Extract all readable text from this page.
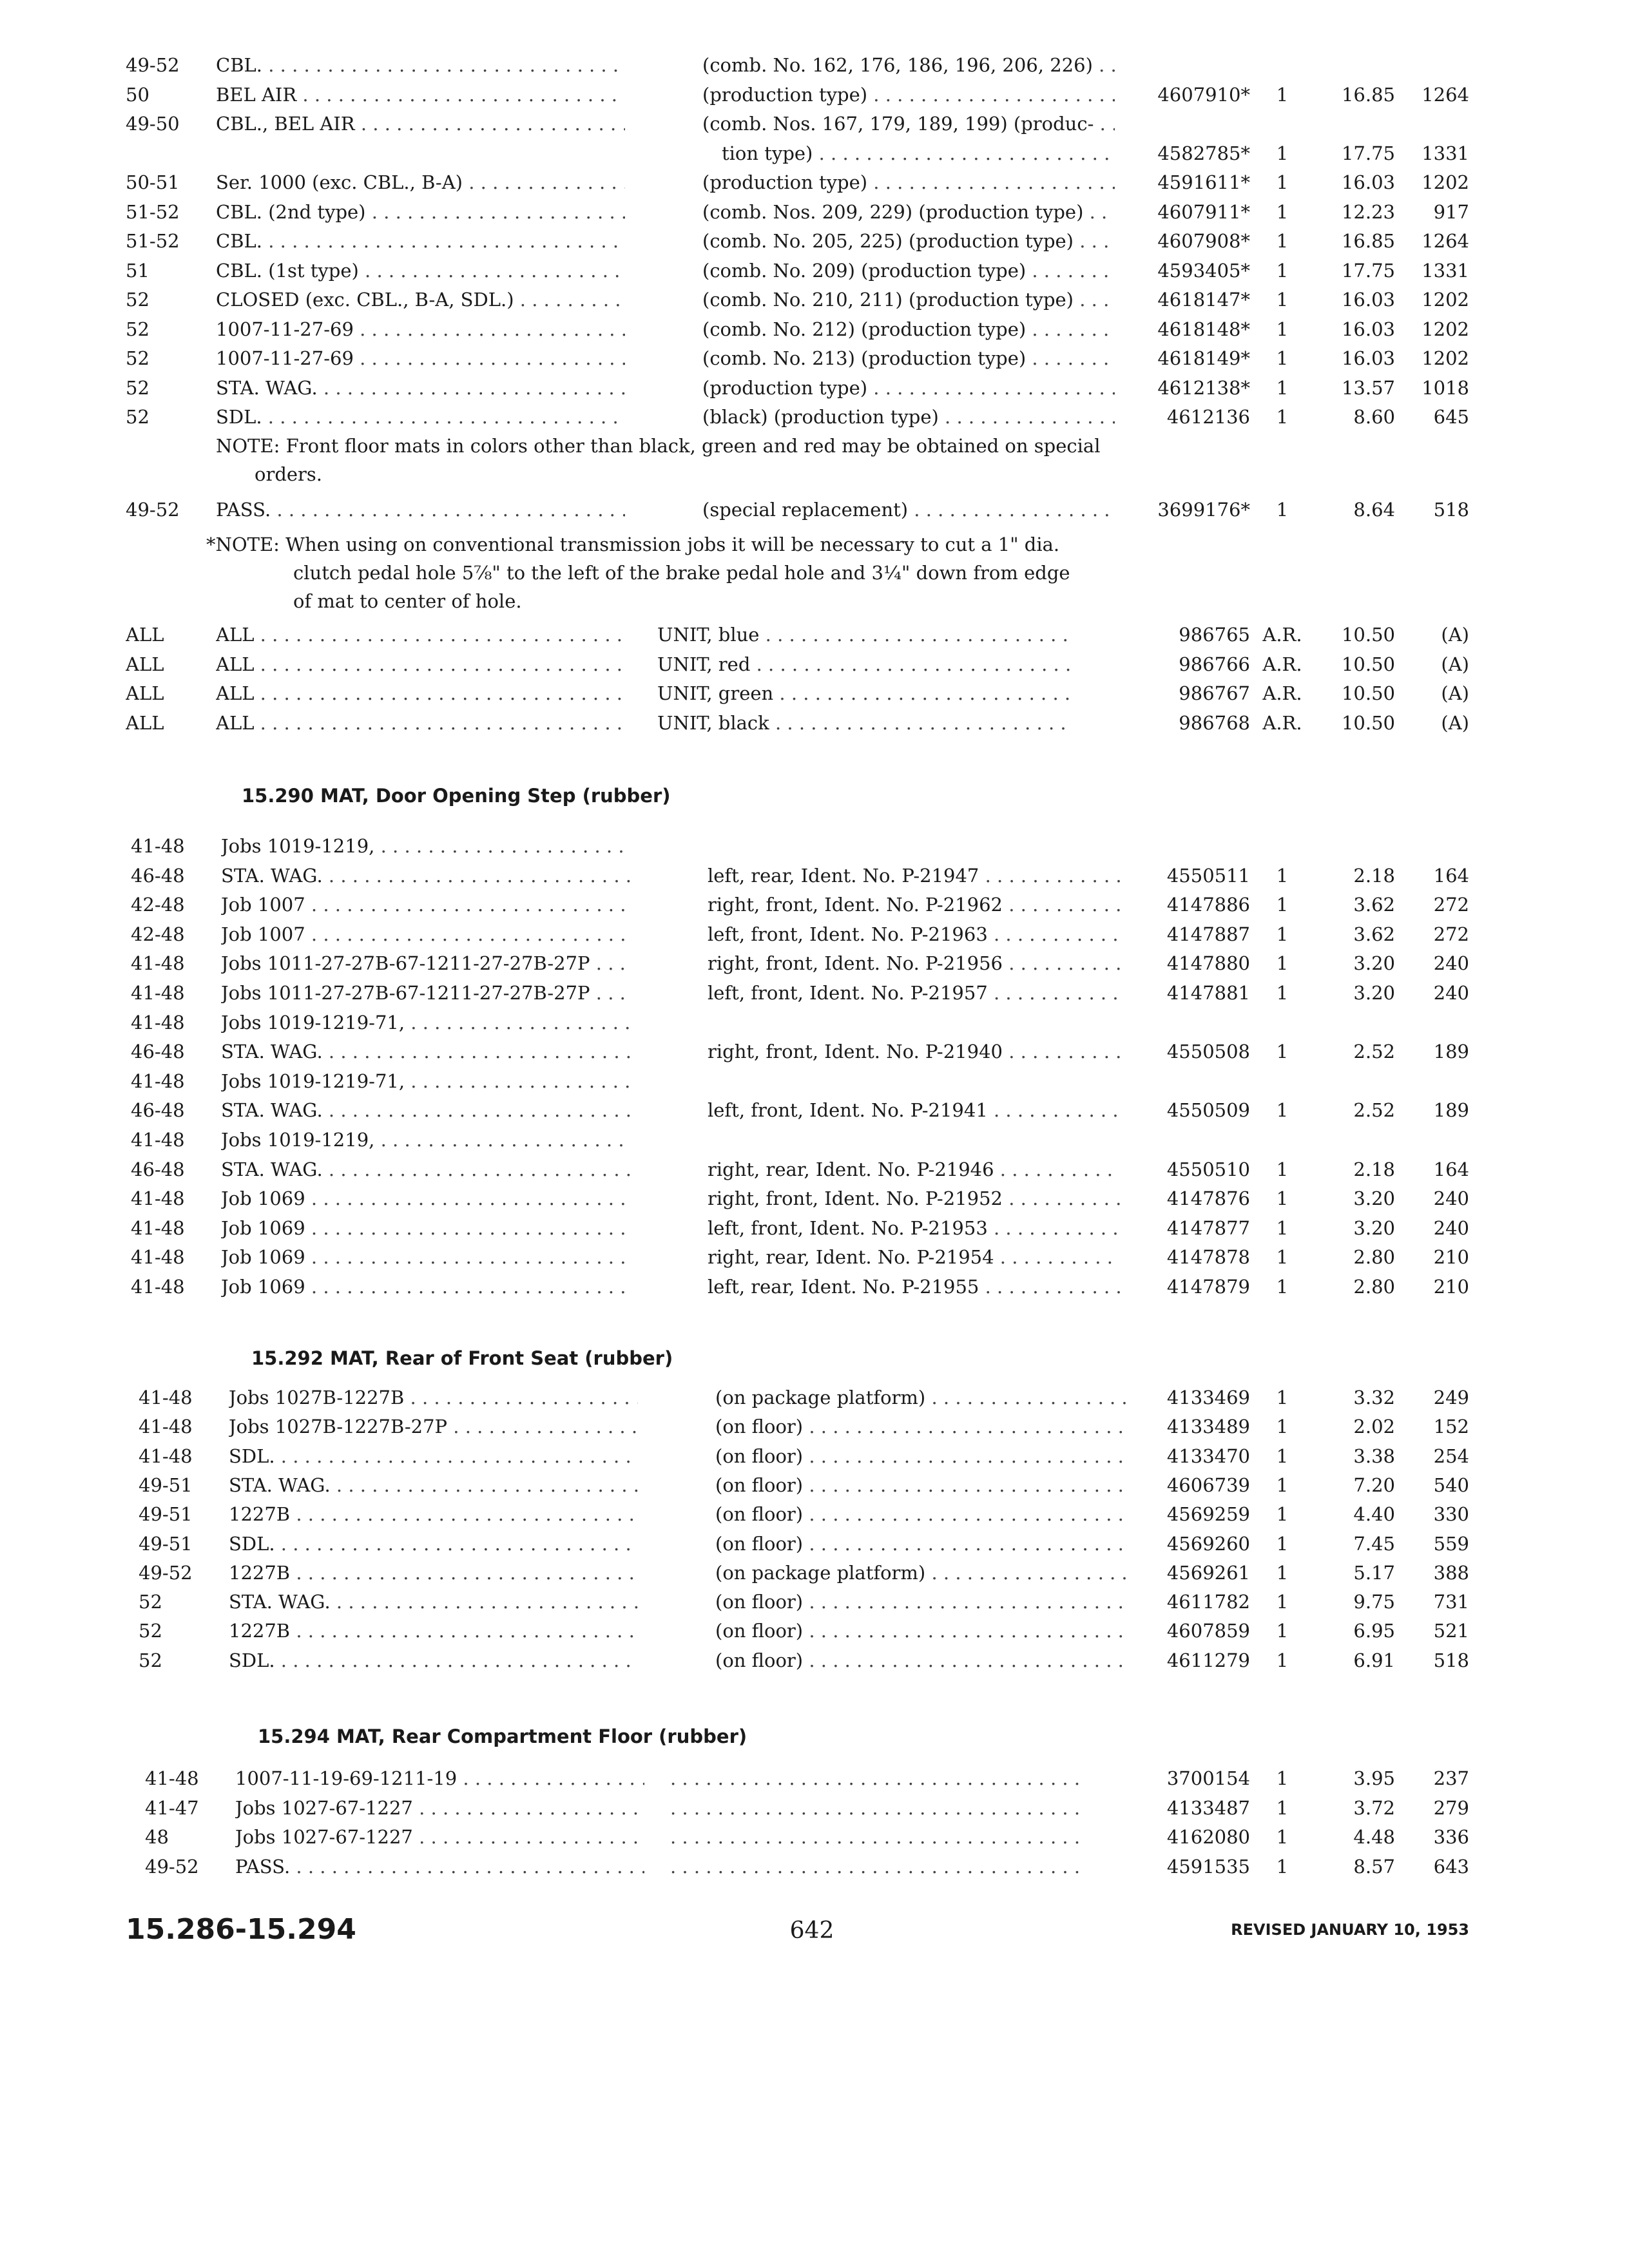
NOTE: Front floor mats in colors other than black, green and red may be obtained on special
orders.
*NOTE: When using on conventional transmission jobs it will be necessary to cut a 1" dia.
clutch pedal hole 5⅞" to the left of the brake pedal hole and 3¼" down from edge
of mat to center of hole.
15.290 MAT, Door Opening Step (rubber)
15.292 MAT, Rear of Front Seat (rubber)
15.294 MAT, Rear Compartment Floor (rubber)
15.286-15.294	642	REVISED JANUARY 10, 1953
49-52	CBL. . . .	(comb. No. 162, 176, 186, 196, 206, 226) . . .
50	BEL AIR . . .	(production type) . . .	4607910*	1	16.85	1264
49-50	CBL., BEL AIR . . .	(comb. Nos. 167, 179, 189, 199) (produc- . . .
tion type) . . .	4582785*	1	17.75	1331
50-51	Ser. 1000 (exc. CBL., B-A) . . .	(production type) . . .	4591611*	1	16.03	1202
51-52	CBL. (2nd type) . . .	(comb. Nos. 209, 229) (production type) . . .	4607911*	1	12.23	917
51-52	CBL. . . .	(comb. No. 205, 225) (production type) . . .	4607908*	1	16.85	1264
51	CBL. (1st type) . . .	(comb. No. 209) (production type) . . .	4593405*	1	17.75	1331
52	CLOSED (exc. CBL., B-A, SDL.) . . .	(comb. No. 210, 211) (production type) . . .	4618147*	1	16.03	1202
52	1007-11-27-69 . . .	(comb. No. 212) (production type) . . .	4618148*	1	16.03	1202
52	1007-11-27-69 . . .	(comb. No. 213) (production type) . . .	4618149*	1	16.03	1202
52	STA. WAG. . . .	(production type) . . .	4612138*	1	13.57	1018
52	SDL. . . .	(black) (production type) . . .	4612136	1	8.60	645
49-52	PASS. . . .	(special replacement) . . .	3699176*	1	8.64	518
ALL	ALL . . .	UNIT, blue . . .	986765 A.R.	10.50	(A)
ALL	ALL . . .	UNIT, red . . .	986766 A.R.	10.50	(A)
ALL	ALL . . .	UNIT, green . . .	986767 A.R.	10.50	(A)
ALL	ALL . . .	UNIT, black . . .	986768 A.R.	10.50	(A)
41-48	Jobs 1019-1219, . . .
46-48	STA. WAG. . . .	left, rear, Ident. No. P-21947 . . .	4550511	1	2.18	164
42-48	Job 1007 . . .	right, front, Ident. No. P-21962 . . .	4147886	1	3.62	272
42-48	Job 1007 . . .	left, front, Ident. No. P-21963 . . .	4147887	1	3.62	272
41-48	Jobs 1011-27-27B-67-1211-27-27B-27P . . .	right, front, Ident. No. P-21956 . . .	4147880	1	3.20	240
41-48	Jobs 1011-27-27B-67-1211-27-27B-27P . . .	left, front, Ident. No. P-21957 . . .	4147881	1	3.20	240
41-48	Jobs 1019-1219-71, . . .
46-48	STA. WAG. . . .	right, front, Ident. No. P-21940 . . .	4550508	1	2.52	189
41-48	Jobs 1019-1219-71, . . .
46-48	STA. WAG. . . .	left, front, Ident. No. P-21941 . . .	4550509	1	2.52	189
41-48	Jobs 1019-1219, . . .
46-48	STA. WAG. . . .	right, rear, Ident. No. P-21946 . . .	4550510	1	2.18	164
41-48	Job 1069 . . .	right, front, Ident. No. P-21952 . . .	4147876	1	3.20	240
41-48	Job 1069 . . .	left, front, Ident. No. P-21953 . . .	4147877	1	3.20	240
41-48	Job 1069 . . .	right, rear, Ident. No. P-21954 . . .	4147878	1	2.80	210
41-48	Job 1069 . . .	left, rear, Ident. No. P-21955 . . .	4147879	1	2.80	210
41-48	Jobs 1027B-1227B . . .	(on package platform) . . .	4133469	1	3.32	249
41-48	Jobs 1027B-1227B-27P . . .	(on floor) . . .	4133489	1	2.02	152
41-48	SDL. . . .	(on floor) . . .	4133470	1	3.38	254
49-51	STA. WAG. . . .	(on floor) . . .	4606739	1	7.20	540
49-51	1227B . . .	(on floor) . . .	4569259	1	4.40	330
49-51	SDL. . . .	(on floor) . . .	4569260	1	7.45	559
49-52	1227B . . .	(on package platform) . . .	4569261	1	5.17	388
52	STA. WAG. . . .	(on floor) . . .	4611782	1	9.75	731
52	1227B . . .	(on floor) . . .	4607859	1	6.95	521
52	SDL. . . .	(on floor) . . .	4611279	1	6.91	518
41-48	1007-11-19-69-1211-19 . . . . . .	3700154	1	3.95	237
41-47	Jobs 1027-67-1227 . . . . . .	4133487	1	3.72	279
48	Jobs 1027-67-1227 . . . . . .	4162080	1	4.48	336
49-52	PASS. . . . . . .	4591535	1	8.57	643
